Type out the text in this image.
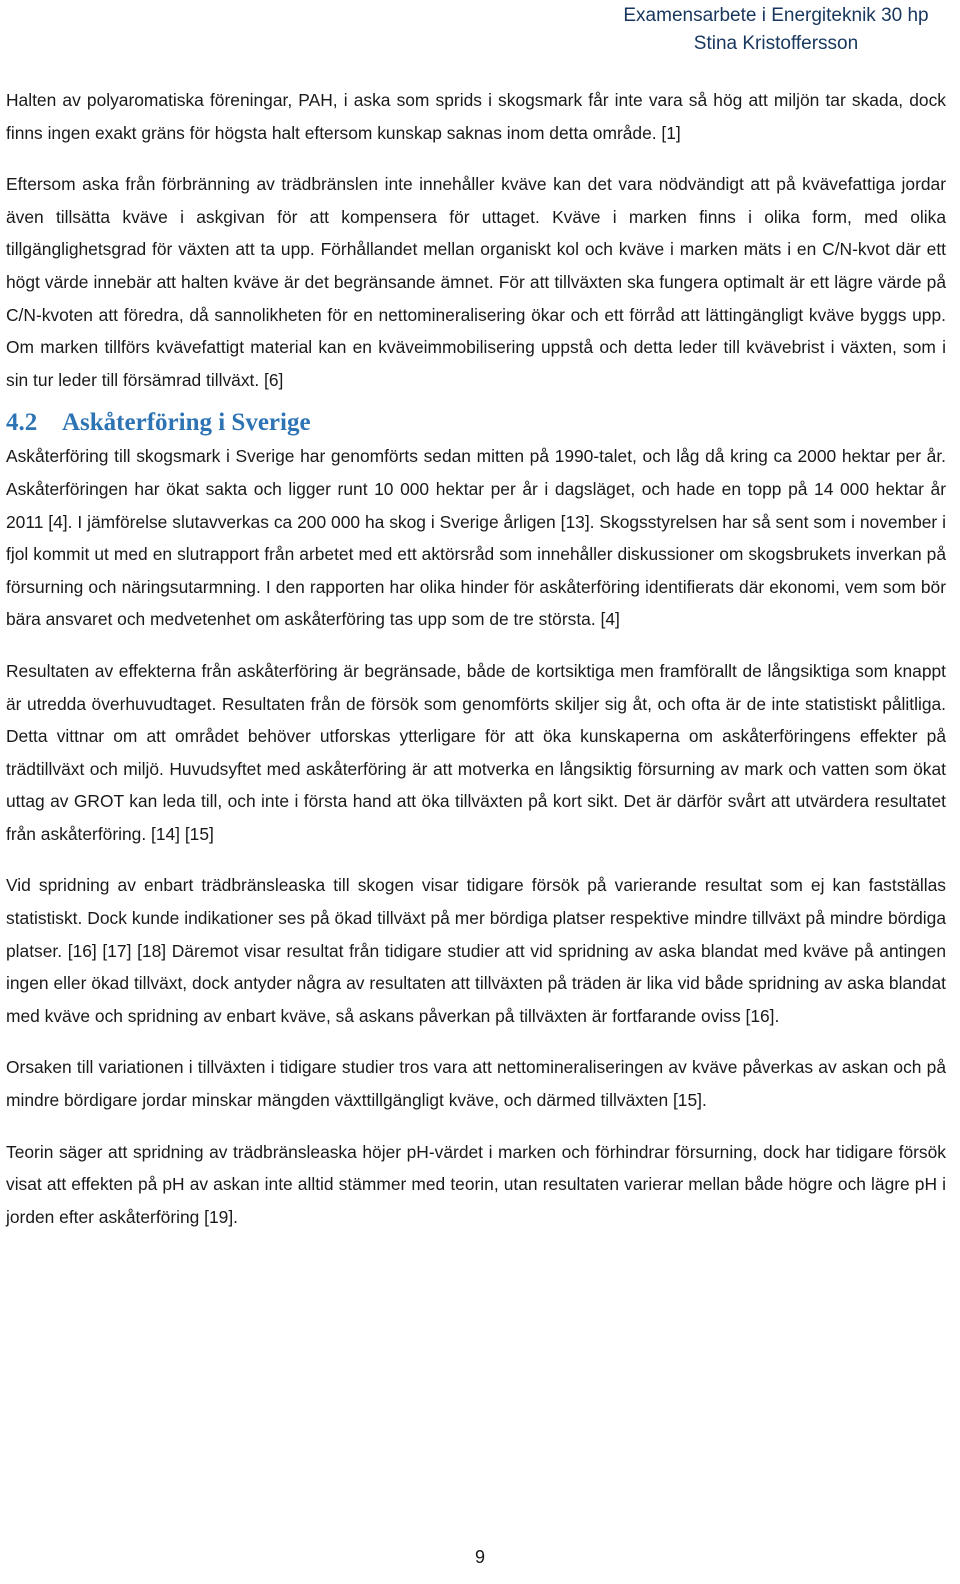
Examensarbete i Energiteknik 30 hp
Stina Kristoffersson

Halten av polyaromatiska föreningar, PAH, i aska som sprids i skogsmark får inte vara så hög att miljön tar skada, dock finns ingen exakt gräns för högsta halt eftersom kunskap saknas inom detta område. [1]

Eftersom aska från förbränning av trädbränslen inte innehåller kväve kan det vara nödvändigt att på kvävefattiga jordar även tillsätta kväve i askgivan för att kompensera för uttaget. Kväve i marken finns i olika form, med olika tillgänglighetsgrad för växten att ta upp. Förhållandet mellan organiskt kol och kväve i marken mäts i en C/N-kvot där ett högt värde innebär att halten kväve är det begränsande ämnet. För att tillväxten ska fungera optimalt är ett lägre värde på C/N-kvoten att föredra, då sannolikheten för en nettomineralisering ökar och ett förråd att lättingängligt kväve byggs upp. Om marken tillförs kvävefattigt material kan en kväveimmobilisering uppstå och detta leder till kvävebrist i växten, som i sin tur leder till försämrad tillväxt. [6]

4.2 Askåterföring i Sverige

Askåterföring till skogsmark i Sverige har genomförts sedan mitten på 1990-talet, och låg då kring ca 2000 hektar per år. Askåterföringen har ökat sakta och ligger runt 10 000 hektar per år i dagsläget, och hade en topp på 14 000 hektar år 2011 [4]. I jämförelse slutavverkas ca 200 000 ha skog i Sverige årligen [13]. Skogsstyrelsen har så sent som i november i fjol kommit ut med en slutrapport från arbetet med ett aktörsråd som innehåller diskussioner om skogsbrukets inverkan på försurning och näringsutarmning. I den rapporten har olika hinder för askåterföring identifierats där ekonomi, vem som bör bära ansvaret och medvetenhet om askåterföring tas upp som de tre största. [4]

Resultaten av effekterna från askåterföring är begränsade, både de kortsiktiga men framförallt de långsiktiga som knappt är utredda överhuvudtaget. Resultaten från de försök som genomförts skiljer sig åt, och ofta är de inte statistiskt pålitliga. Detta vittnar om att området behöver utforskas ytterligare för att öka kunskaperna om askåterföringens effekter på trädtillväxt och miljö. Huvudsyftet med askåterföring är att motverka en långsiktig försurning av mark och vatten som ökat uttag av GROT kan leda till, och inte i första hand att öka tillväxten på kort sikt. Det är därför svårt att utvärdera resultatet från askåterföring. [14] [15]

Vid spridning av enbart trädbränsleaska till skogen visar tidigare försök på varierande resultat som ej kan fastställas statistiskt. Dock kunde indikationer ses på ökad tillväxt på mer bördiga platser respektive mindre tillväxt på mindre bördiga platser. [16] [17] [18] Däremot visar resultat från tidigare studier att vid spridning av aska blandat med kväve på antingen ingen eller ökad tillväxt, dock antyder några av resultaten att tillväxten på träden är lika vid både spridning av aska blandat med kväve och spridning av enbart kväve, så askans påverkan på tillväxten är fortfarande oviss [16].

Orsaken till variationen i tillväxten i tidigare studier tros vara att nettomineraliseringen av kväve påverkas av askan och på mindre bördigare jordar minskar mängden växttillgängligt kväve, och därmed tillväxten [15].

Teorin säger att spridning av trädbränsleaska höjer pH-värdet i marken och förhindrar försurning, dock har tidigare försök visat att effekten på pH av askan inte alltid stämmer med teorin, utan resultaten varierar mellan både högre och lägre pH i jorden efter askåterföring [19].

9
